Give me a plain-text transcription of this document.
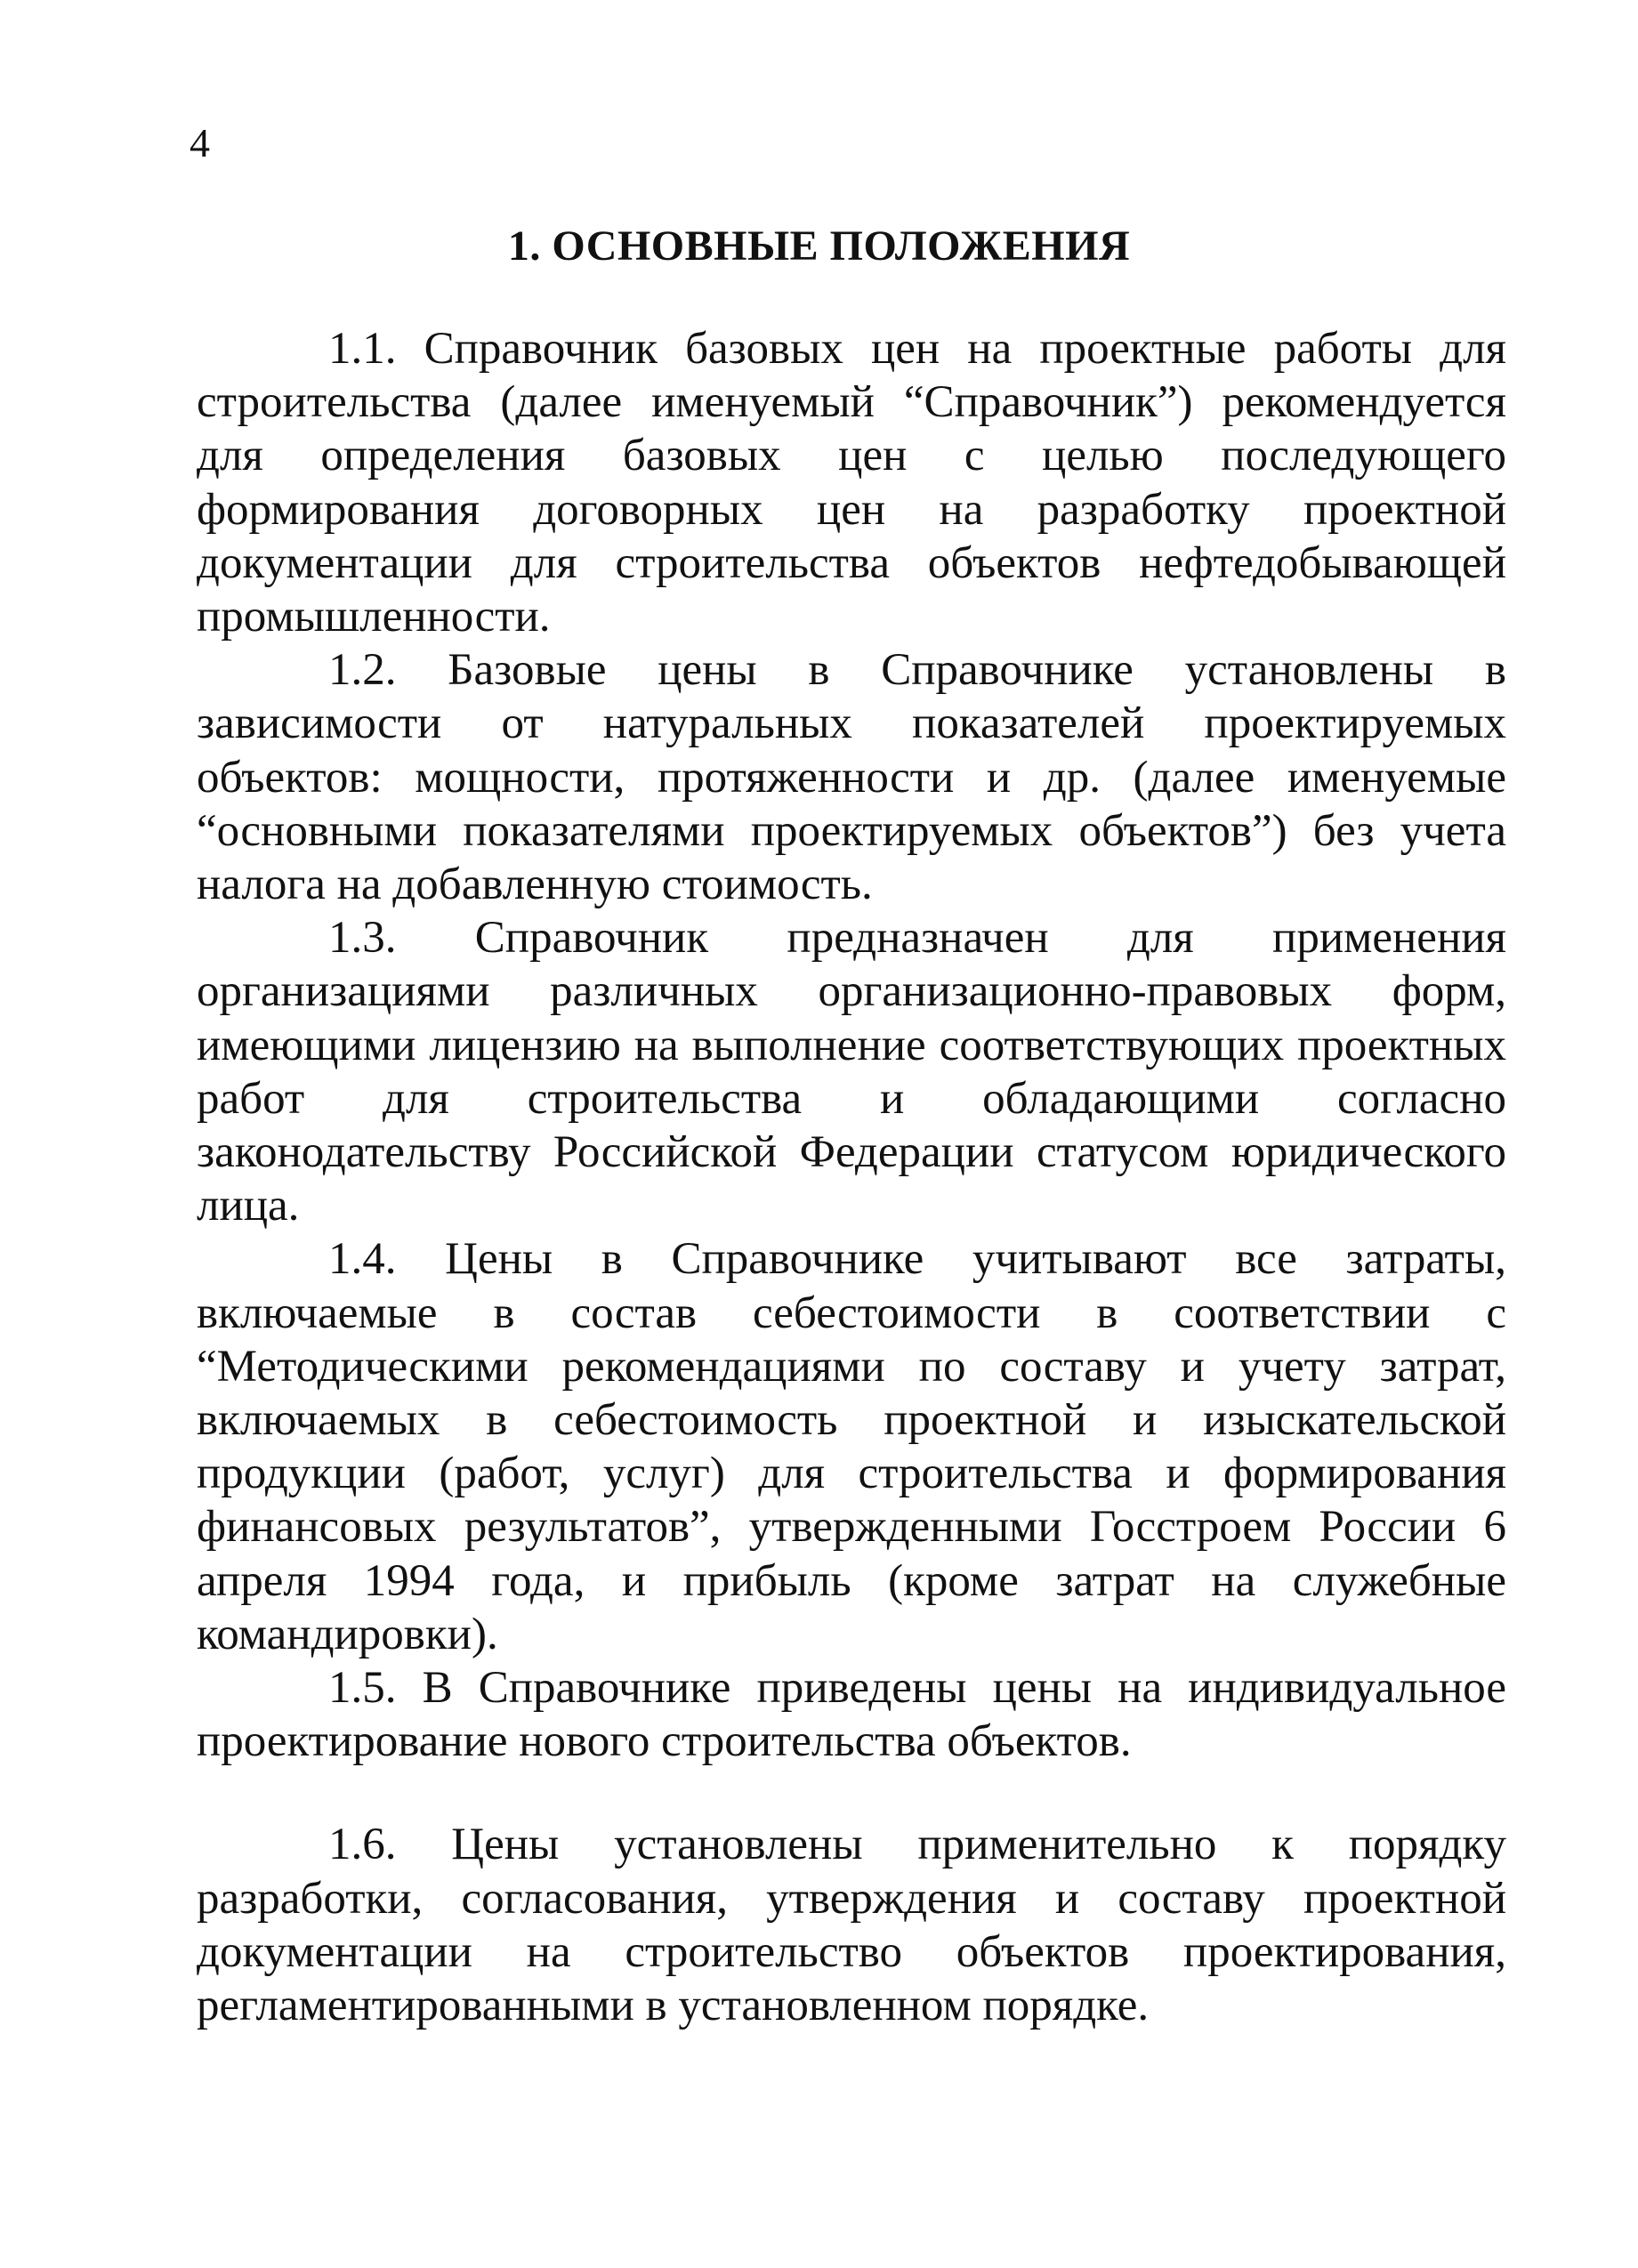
4
1. ОСНОВНЫЕ ПОЛОЖЕНИЯ

1.1. Справочник базовых цен на проектные работы для строительства (далее именуемый “Справочник”) рекомендуется для определения базовых цен с целью последующего формирования договорных цен на разработку проектной документации для строительства объектов нефтедобывающей промышленности.

1.2. Базовые цены в Справочнике установлены в зависимости от натуральных показателей проектируемых объектов: мощности, протяженности и др. (далее именуемые “основными показателями проектируемых объектов”) без учета налога на добавленную стоимость.

1.3. Справочник предназначен для применения организациями различных организационно-правовых форм, имеющими лицензию на выполнение соответствующих проектных работ для строительства и обладающими согласно законодательству Российской Федерации статусом юридического лица.

1.4. Цены в Справочнике учитывают все затраты, включаемые в состав себестоимости в соответствии с “Методическими рекомендациями по составу и учету затрат, включаемых в себестоимость проектной и изыскательской продукции (работ, услуг) для строительства и формирования финансовых результатов”, утвержденными Госстроем России 6 апреля 1994 года, и прибыль (кроме затрат на служебные командировки).

1.5. В Справочнике приведены цены на индивидуальное проектирование нового строительства объектов.

1.6. Цены установлены применительно к порядку разработки, согласования, утверждения и составу проектной документации на строительство объектов проектирования, регламентированными в установленном порядке.
